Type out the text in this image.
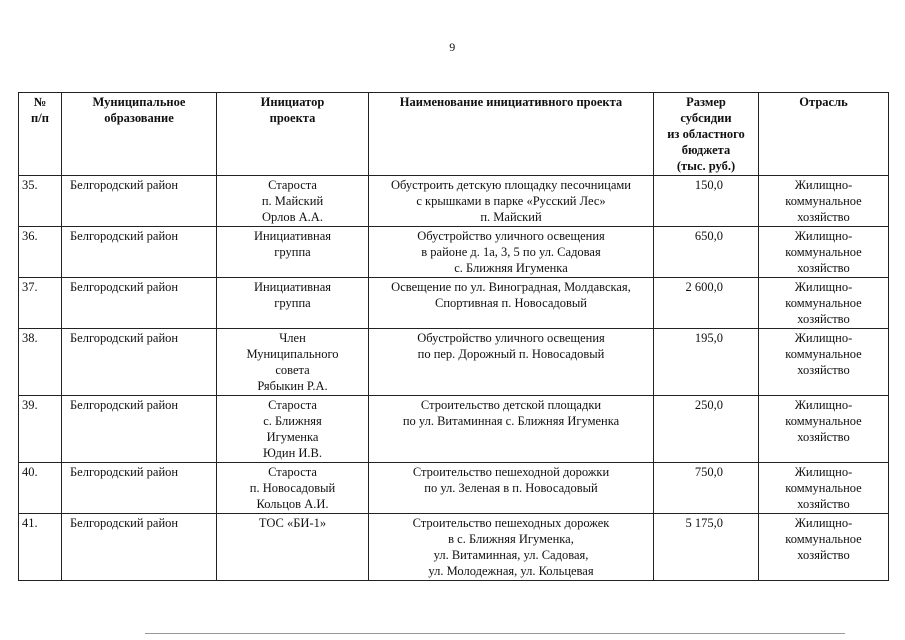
9
№
п/п	Муниципальное
образование	Инициатор
проекта	Наименование инициативного проекта	Размер
субсидии
из областного
бюджета
(тыс. руб.)	Отрасль

35.	Белгородский район	Староста
п. Майский
Орлов А.А.	Обустроить детскую площадку песочницами
с крышками в парке «Русский Лес»
п. Майский	150,0	Жилищно-
коммунальное
хозяйство

36.	Белгородский район	Инициативная
группа	Обустройство уличного освещения
в районе д. 1а, 3, 5 по ул. Садовая
с. Ближняя Игуменка	650,0	Жилищно-
коммунальное
хозяйство

37.	Белгородский район	Инициативная
группа	Освещение по ул. Виноградная, Молдавская,
Спортивная п. Новосадовый	2 600,0	Жилищно-
коммунальное
хозяйство

38.	Белгородский район	Член
Муниципального
совета
Рябыкин Р.А.	Обустройство уличного освещения
по пер. Дорожный п. Новосадовый	195,0	Жилищно-
коммунальное
хозяйство

39.	Белгородский район	Староста
с. Ближняя
Игуменка
Юдин И.В.	Строительство детской площадки
по ул. Витаминная с. Ближняя Игуменка	250,0	Жилищно-
коммунальное
хозяйство

40.	Белгородский район	Староста
п. Новосадовый
Кольцов А.И.	Строительство пешеходной дорожки
по ул. Зеленая в п. Новосадовый	750,0	Жилищно-
коммунальное
хозяйство

41.	Белгородский район	ТОС «БИ-1»	Строительство пешеходных дорожек
в с. Ближняя Игуменка,
ул. Витаминная, ул. Садовая,
ул. Молодежная, ул. Кольцевая	5 175,0	Жилищно-
коммунальное
хозяйство
